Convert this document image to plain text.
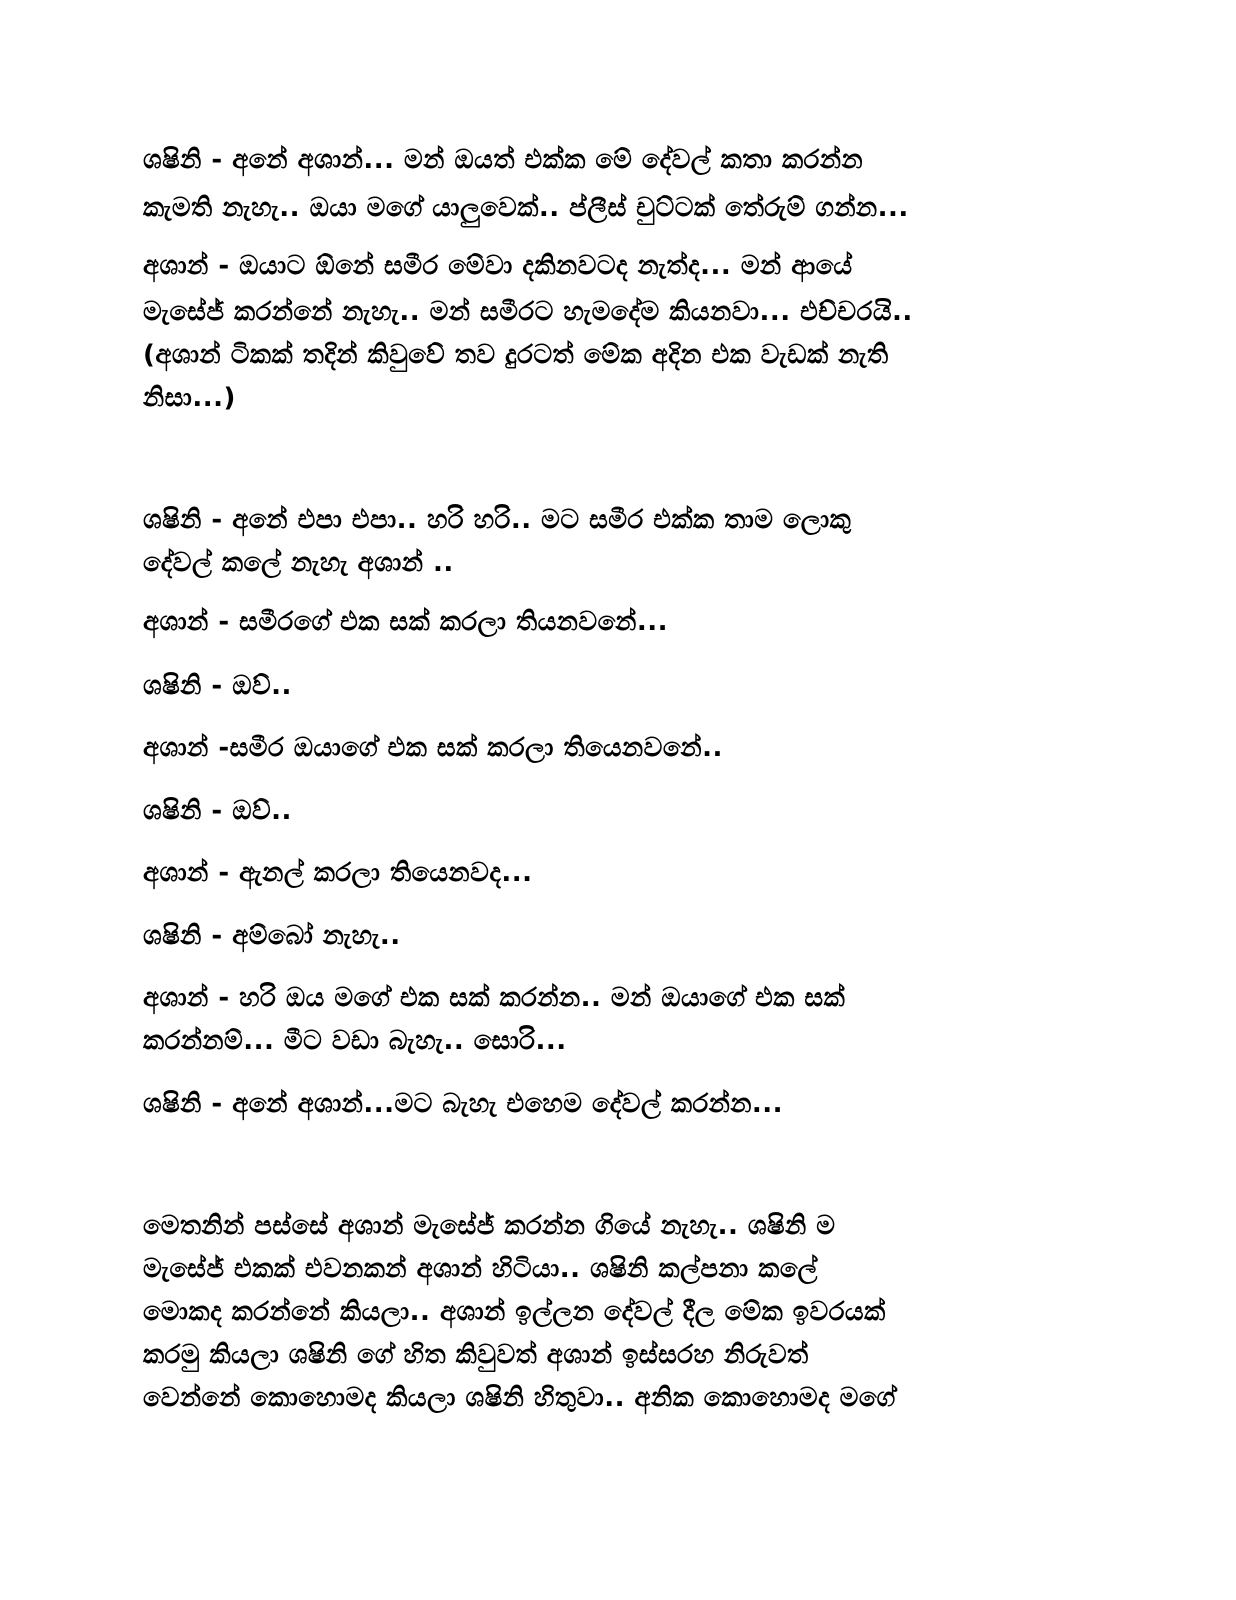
ශෂිනි - අනේ අශාන්... මන් ඔයත් එක්ක මේ දේවල් කතා කරන්න
කැමති නැහැ.. ඔයා මගේ යාලුවෙක්.. ප්ලීස් චුට්ටක් තේරුම් ගන්න...
අශාන් - ඔයාට ඕනේ සමීර මේවා දකිනවටද නැත්ද... මන් ආයේ
මැසේජ් කරන්නේ නැහැ.. මන් සමීරට හැමදේම කියනවා... එච්චරයි..
(අශාන් ටිකක් තදින් කිවුවේ තව දුරටත් මේක අදින එක වැඩක් නැති
නිසා...)
ශෂිනි - අනේ එපා එපා.. හරි හරි.. මට සමීර එක්ක තාම ලොකු
දේවල් කලේ නැහැ අශාන් ..
අශාන් - සමීරගේ එක සක් කරලා තියනවනේ...
ශෂිනි - ඔව්..
අශාන් -සමීර ඔයාගේ එක සක් කරලා තියෙනවනේ..
ශෂිනි - ඔව්..
අශාන් - ඇනල් කරලා තියෙනවද...
ශෂිනි - අම්බෝ නැහැ..
අශාන් - හරි ඔය මගේ එක සක් කරන්න.. මන් ඔයාගේ එක සක්
කරන්නම්... මීට වඩා බැහැ.. සොරි...
ශෂිනි - අනේ අශාන්...මට බැහැ එහෙම දේවල් කරන්න...
මෙතනින් පස්සේ අශාන් මැසේජ් කරන්න ගියේ නැහැ.. ශෂිනි ම
මැසේජ් එකක් එවනකන් අශාන් හිටියා.. ශෂිනි කල්පනා කලේ
මොකද කරන්නේ කියලා.. අශාන් ඉල්ලන දේවල් දීල මේක ඉවරයක්
කරමු කියලා ශෂිනි ගේ හිත කිවුවත් අශාන් ඉස්සරහ නිරුවත්
වෙන්නේ කොහොමද කියලා ශෂිනි හිතුවා.. අනික කොහොමද මගේ
